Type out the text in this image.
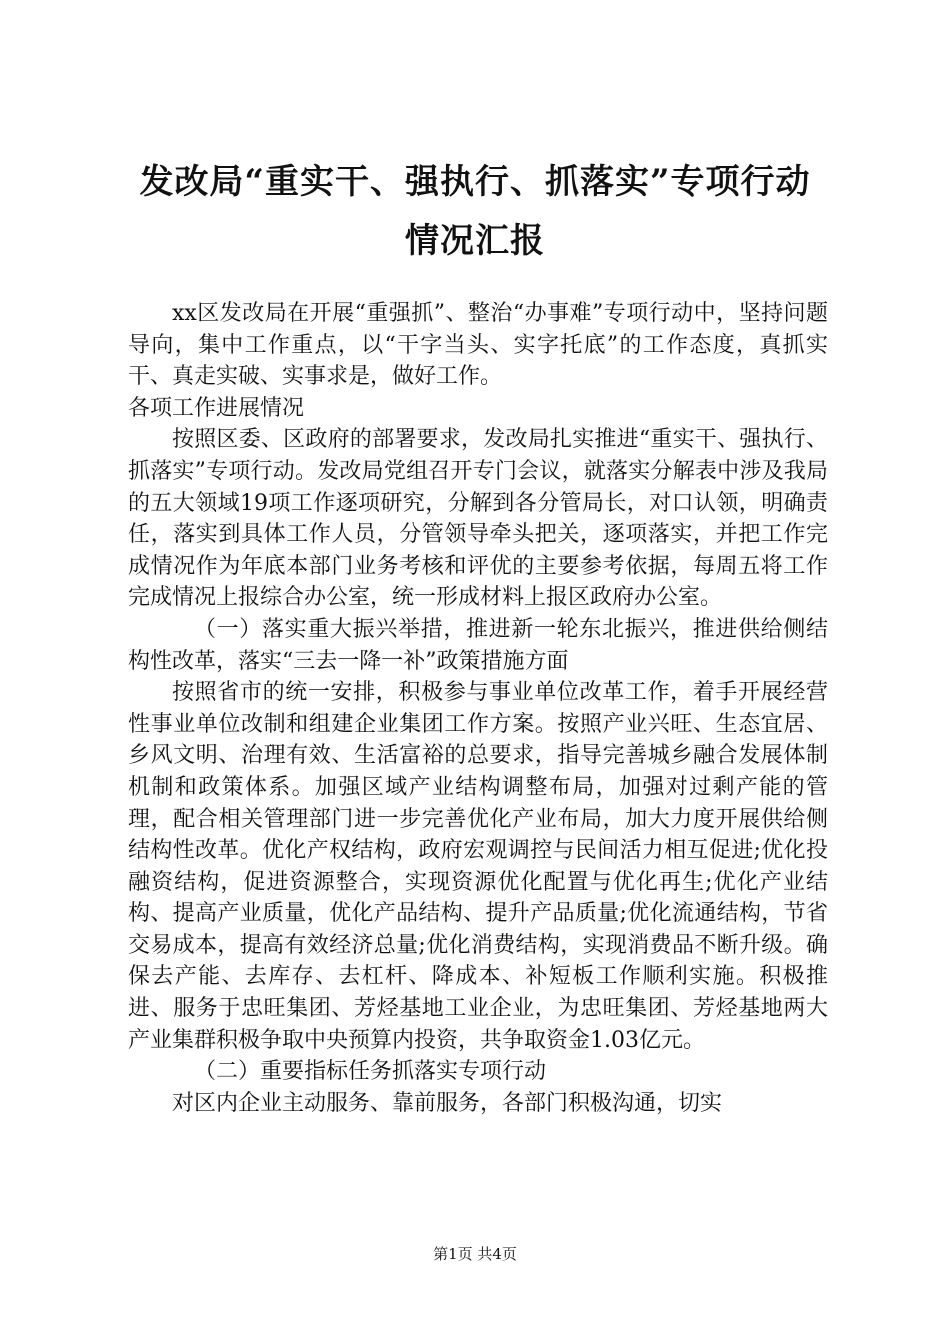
发改局“重实干、强执行、抓落实”专项行动
情况汇报

xx区发改局在开展“重强抓”、整治“办事难”专项行动中，坚持问题导向，集中工作重点，以“干字当头、实字托底”的工作态度，真抓实干、真走实破、实事求是，做好工作。

各项工作进展情况

按照区委、区政府的部署要求，发改局扎实推进“重实干、强执行、抓落实”专项行动。发改局党组召开专门会议，就落实分解表中涉及我局的五大领域19项工作逐项研究，分解到各分管局长，对口认领，明确责任，落实到具体工作人员，分管领导牵头把关，逐项落实，并把工作完成情况作为年底本部门业务考核和评优的主要参考依据，每周五将工作完成情况上报综合办公室，统一形成材料上报区政府办公室。

（一）落实重大振兴举措，推进新一轮东北振兴，推进供给侧结构性改革，落实“三去一降一补”政策措施方面

按照省市的统一安排，积极参与事业单位改革工作，着手开展经营性事业单位改制和组建企业集团工作方案。按照产业兴旺、生态宜居、乡风文明、治理有效、生活富裕的总要求，指导完善城乡融合发展体制机制和政策体系。加强区域产业结构调整布局，加强对过剩产能的管理，配合相关管理部门进一步完善优化产业布局，加大力度开展供给侧结构性改革。优化产权结构，政府宏观调控与民间活力相互促进;优化投融资结构，促进资源整合，实现资源优化配置与优化再生;优化产业结构、提高产业质量，优化产品结构、提升产品质量;优化流通结构，节省交易成本，提高有效经济总量;优化消费结构，实现消费品不断升级。确保去产能、去库存、去杠杆、降成本、补短板工作顺利实施。积极推进、服务于忠旺集团、芳烃基地工业企业，为忠旺集团、芳烃基地两大产业集群积极争取中央预算内投资，共争取资金1.03亿元。

（二）重要指标任务抓落实专项行动

对区内企业主动服务、靠前服务，各部门积极沟通，切实

第1页 共4页
